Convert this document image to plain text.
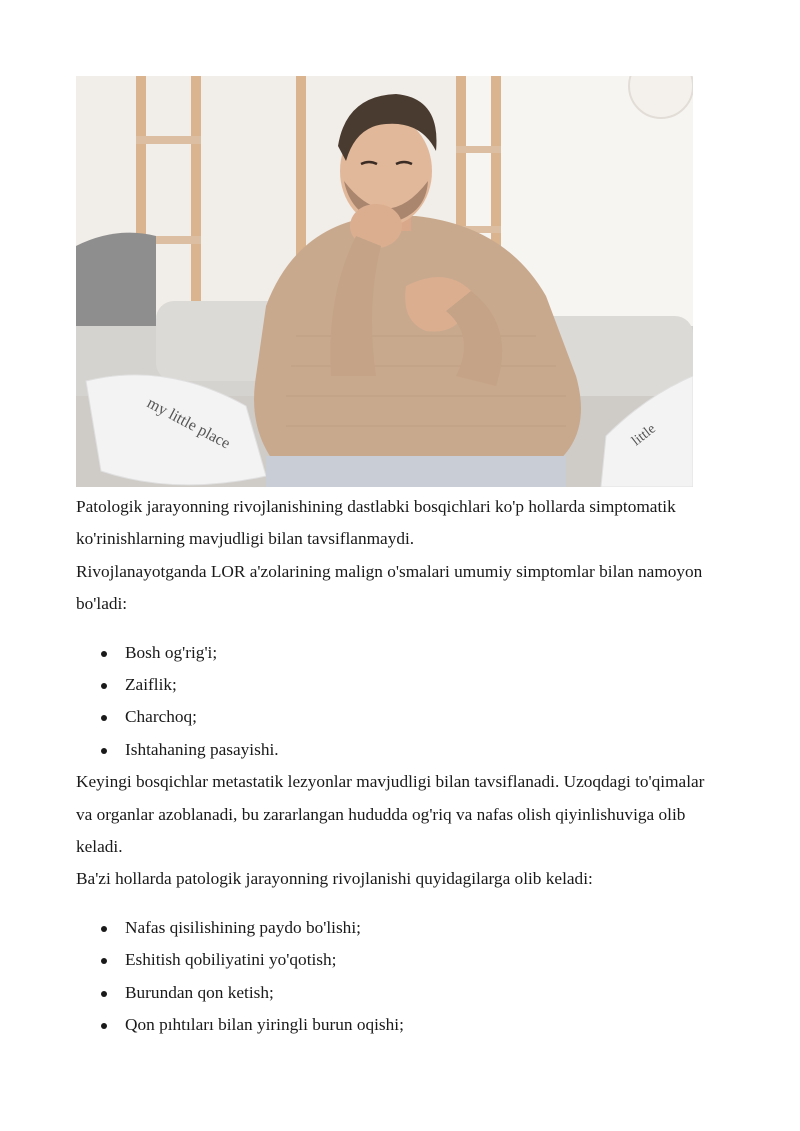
my little place	little

Patologik jarayonning rivojlanishining dastlabki bosqichlari ko'p hollarda simptomatik ko'rinishlarning mavjudligi bilan tavsiflanmaydi.

Rivojlanayotganda LOR a'zolarining malign o'smalari umumiy simptomlar bilan namoyon bo'ladi:

Bosh og'rig'i;
Zaiflik;
Charchoq;
Ishtahaning pasayishi.

Keyingi bosqichlar metastatik lezyonlar mavjudligi bilan tavsiflanadi. Uzoqdagi to'qimalar va organlar azoblanadi, bu zararlangan hududda og'riq va nafas olish qiyinlishuviga olib keladi.

Ba'zi hollarda patologik jarayonning rivojlanishi quyidagilarga olib keladi:

Nafas qisilishining paydo bo'lishi;
Eshitish qobiliyatini yo'qotish;
Burundan qon ketish;
Qon pıhtıları bilan yiringli burun oqishi;
